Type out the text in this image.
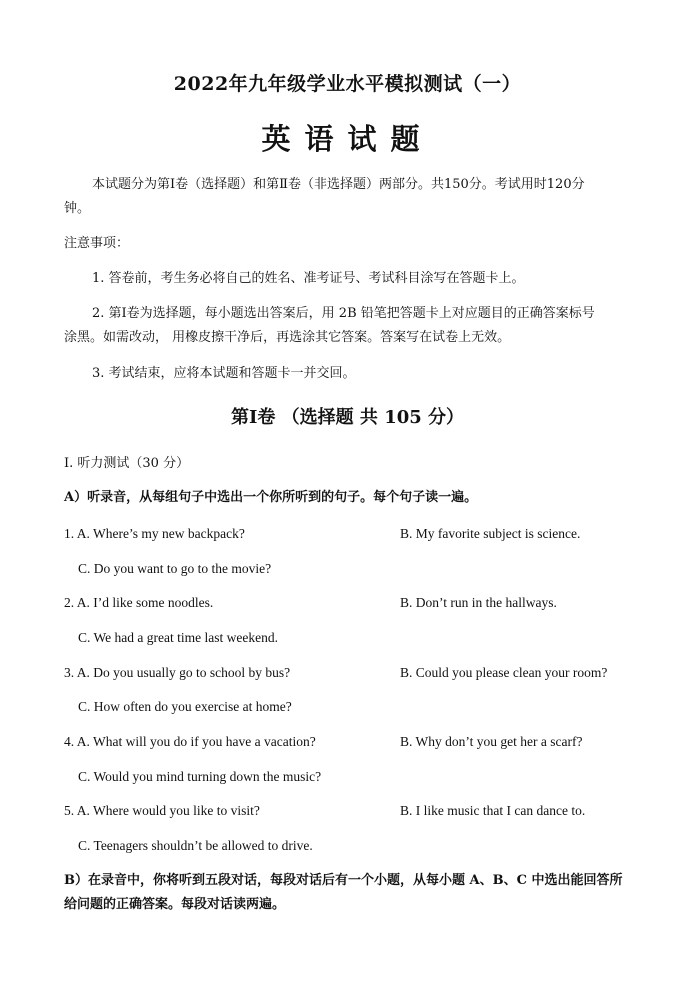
2022年九年级学业水平模拟测试（一）
英语试题
本试题分为第Ⅰ卷（选择题）和第Ⅱ卷（非选择题）两部分。共150分。考试用时120分
钟。
注意事项：
1. 答卷前，考生务必将自己的姓名、准考证号、考试科目涂写在答题卡上。
2. 第Ⅰ卷为选择题，每小题选出答案后，用 2B 铅笔把答题卡上对应题目的正确答案标号
涂黑。如需改动， 用橡皮擦干净后，再选涂其它答案。答案写在试卷上无效。
3. 考试结束，应将本试题和答题卡一并交回。
第Ⅰ卷 （选择题 共 105 分）
Ⅰ. 听力测试（30 分）
A）听录音，从每组句子中选出一个你所听到的句子。每个句子读一遍。
1. A. Where’s my new backpack?	B. My favorite subject is science.
C. Do you want to go to the movie?
2. A. I’d like some noodles.	B. Don’t run in the hallways.
C. We had a great time last weekend.
3. A. Do you usually go to school by bus?	B. Could you please clean your room?
C. How often do you exercise at home?
4. A. What will you do if you have a vacation?	B. Why don’t you get her a scarf?
C. Would you mind turning down the music?
5. A. Where would you like to visit?	B. I like music that I can dance to.
C. Teenagers shouldn’t be allowed to drive.
B）在录音中，你将听到五段对话，每段对话后有一个小题，从每小题 A、B、C 中选出能回答所
给问题的正确答案。每段对话读两遍。
